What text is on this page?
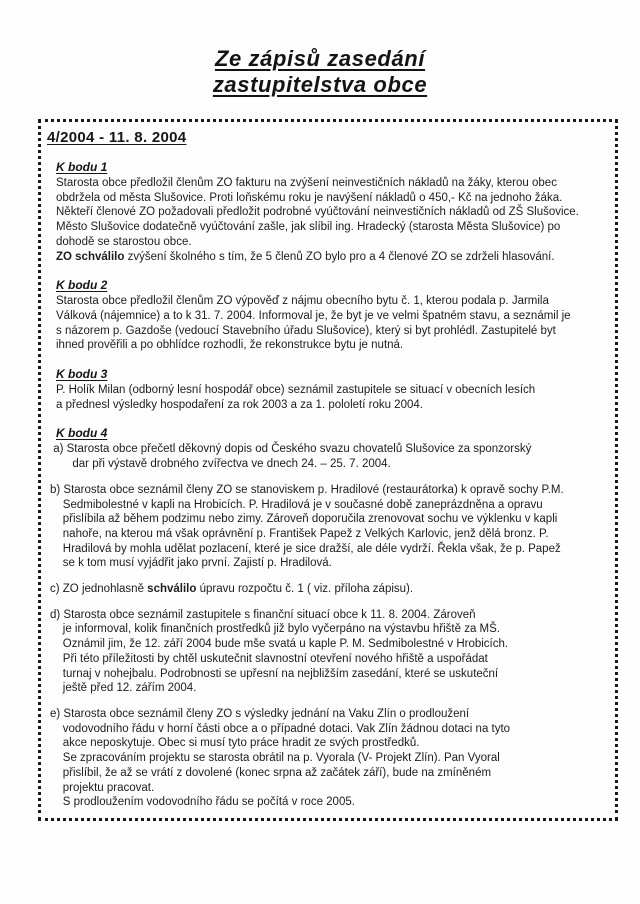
Ze zápisů zasedání
zastupitelstva obce
4/2004 - 11. 8. 2004
K bodu 1
Starosta obce předložil členům ZO fakturu na zvýšení neinvestičních nákladů na žáky, kterou obec
obdržela od města Slušovice. Proti loňskému roku je navýšení nákladů o 450,- Kč na jednoho žáka.
Někteří členové ZO požadovali předložit podrobné vyúčtování neinvestičních nákladů od ZŠ Slušovice.
Město Slušovice dodatečně vyúčtování zašle, jak slíbil ing. Hradecký (starosta Města Slušovice) po
dohodě se starostou obce.
ZO schválilo zvýšení školného s tím, že 5 členů ZO bylo pro a 4 členové ZO se zdrželi hlasování.
K bodu 2
Starosta obce předložil členům ZO výpověď z nájmu obecního bytu č. 1, kterou podala p. Jarmila
Válková (nájemnice) a to k 31. 7. 2004. Informoval je, že byt je ve velmi špatném stavu, a seznámil je
s názorem p. Gazdoše (vedoucí Stavebního úřadu Slušovice), který si byt prohlédl. Zastupitelé byt
ihned prověřili a po obhlídce rozhodli, že rekonstrukce bytu je nutná.
K bodu 3
P. Holík Milan (odborný lesní hospodář obce) seznámil zastupitele se situací v obecních lesích
a přednesl výsledky hospodaření za rok 2003 a za 1. pololetí roku 2004.
K bodu 4
a) Starosta obce přečetl děkovný dopis od Českého svazu chovatelů Slušovice za sponzorský
dar při výstavě drobného zvířectva ve dnech 24. – 25. 7. 2004.
b) Starosta obce seznámil členy ZO se stanoviskem p. Hradilové (restaurátorka) k opravě sochy P.M.
Sedmibolestné v kapli na Hrobicích. P. Hradilová je v současné době zaneprázdněna a opravu
přislíbila až během podzimu nebo zimy. Zároveň doporučila zrenovovat sochu ve výklenku v kapli
nahoře, na kterou má však oprávnění p. František Papež z Velkých Karlovic, jenž dělá bronz. P.
Hradilová by mohla udělat pozlacení, které je sice dražší, ale déle vydrží. Řekla však, že p. Papež
se k tom musí vyjádřit jako první. Zajistí p. Hradilová.
c) ZO jednohlasně schválilo úpravu rozpočtu č. 1 ( viz. příloha zápisu).
d) Starosta obce seznámil zastupitele s finanční situací obce k 11. 8. 2004. Zároveň
je informoval, kolik finančních prostředků již bylo vyčerpáno na výstavbu hřiště za MŠ.
Oznámil jim, že 12. září 2004 bude mše svatá u kaple P. M. Sedmibolestné v Hrobicích.
Při této příležitosti by chtěl uskutečnit slavnostní otevření nového hřiště a uspořádat
turnaj v nohejbalu. Podrobnosti se upřesní na nejbližším zasedání, které se uskuteční
ještě před 12. zářím 2004.
e) Starosta obce seznámil členy ZO s výsledky jednání na Vaku Zlín o prodloužení
vodovodního řádu v horní části obce a o případné dotaci. Vak Zlín žádnou dotaci na tyto
akce neposkytuje. Obec si musí tyto práce hradit ze svých prostředků.
Se zpracováním projektu se starosta obrátil na p. Vyorala (V- Projekt Zlín). Pan Vyoral
přislíbil, že až se vrátí z dovolené (konec srpna až začátek září), bude na zmíněném
projektu pracovat.
S prodloužením vodovodního řádu se počítá v roce 2005.
